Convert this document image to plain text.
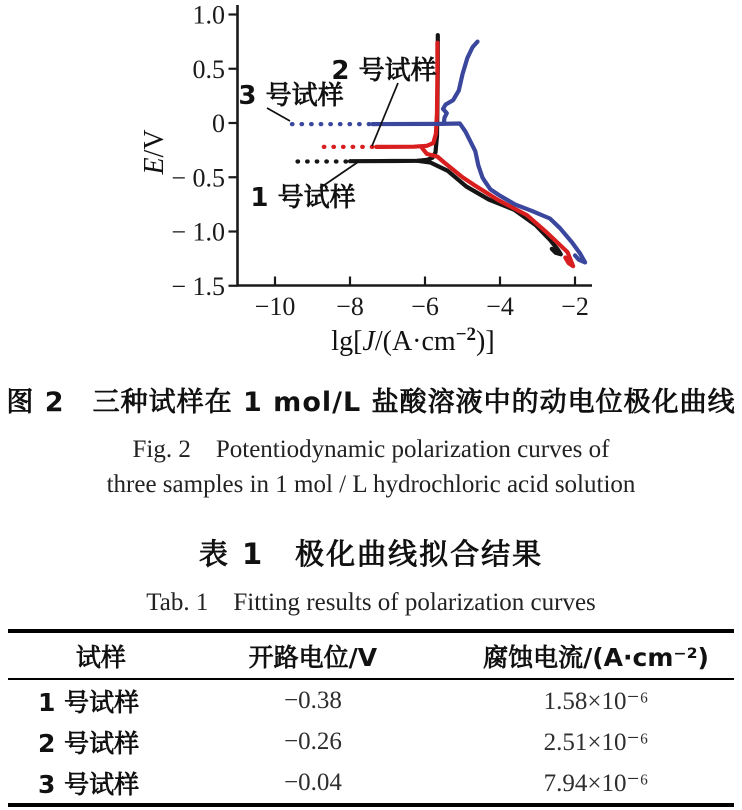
−10 −8 −6 −4 −2
1.0
0.5
0
− 0.5
− 1.0
− 1.5
$\lg[J/(A\cdot cm^{-2})]$
E/V
2 号试样
3 号试样
1 号试样
图 2　三种试样在 1 mol/L 盐酸溶液中的动电位极化曲线
Fig. 2　Potentiodynamic polarization curves of
three samples in 1 mol / L hydrochloric acid solution
表 1　极化曲线拟合结果
Tab. 1　Fitting results of polarization curves
试样	开路电位/V	腐蚀电流/(A·cm⁻²)
1 号试样	−0.38	1.58×10⁻⁶
2 号试样	−0.26	2.51×10⁻⁶
3 号试样	−0.04	7.94×10⁻⁶
